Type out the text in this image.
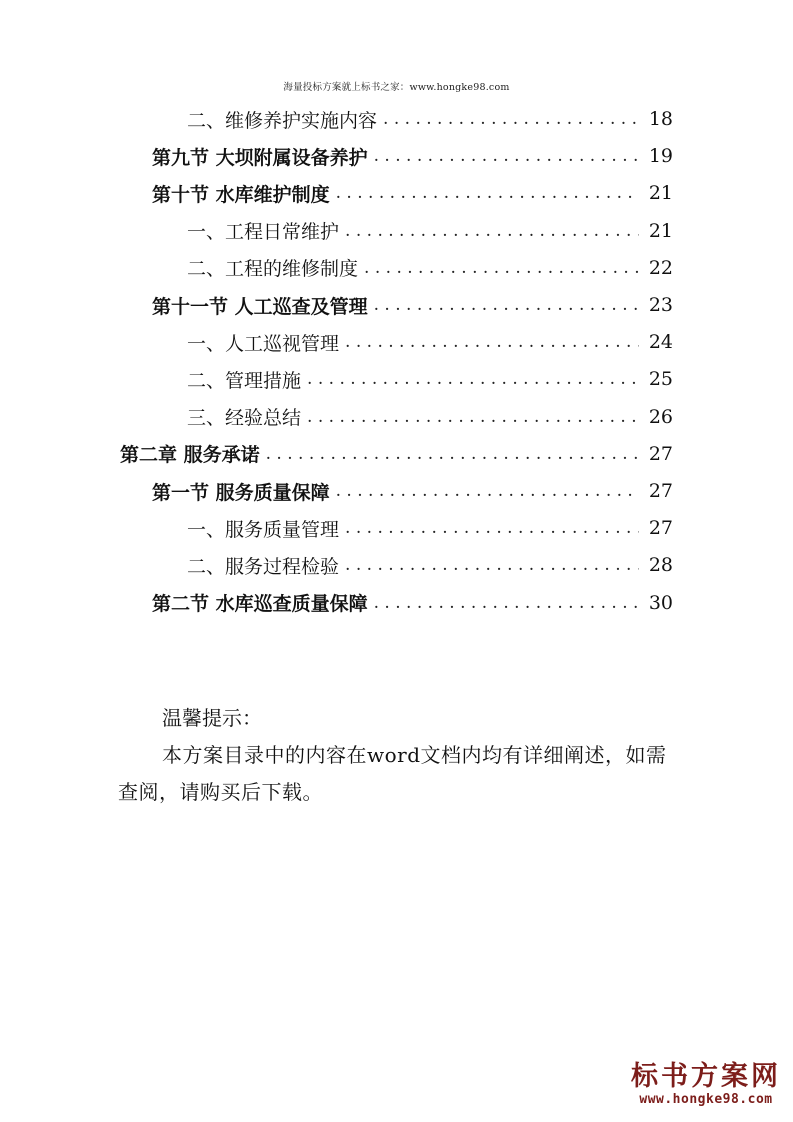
海量投标方案就上标书之家：www.hongke98.com
二、维修养护实施内容 . . .	18
第九节 大坝附属设备养护 . . .	19
第十节 水库维护制度 . . .	21
一、工程日常维护 . . .	21
二、工程的维修制度 . . .	22
第十一节 人工巡查及管理 . . .	23
一、人工巡视管理 . . .	24
二、管理措施 . . .	25
三、经验总结 . . .	26
第二章 服务承诺 . . .	27
第一节 服务质量保障 . . .	27
一、服务质量管理 . . .	27
二、服务过程检验 . . .	28
第二节 水库巡查质量保障 . . .	30
温馨提示：
本方案目录中的内容在word文档内均有详细阐述，如需查阅，请购买后下载。
标书方案网
www.hongke98.com
